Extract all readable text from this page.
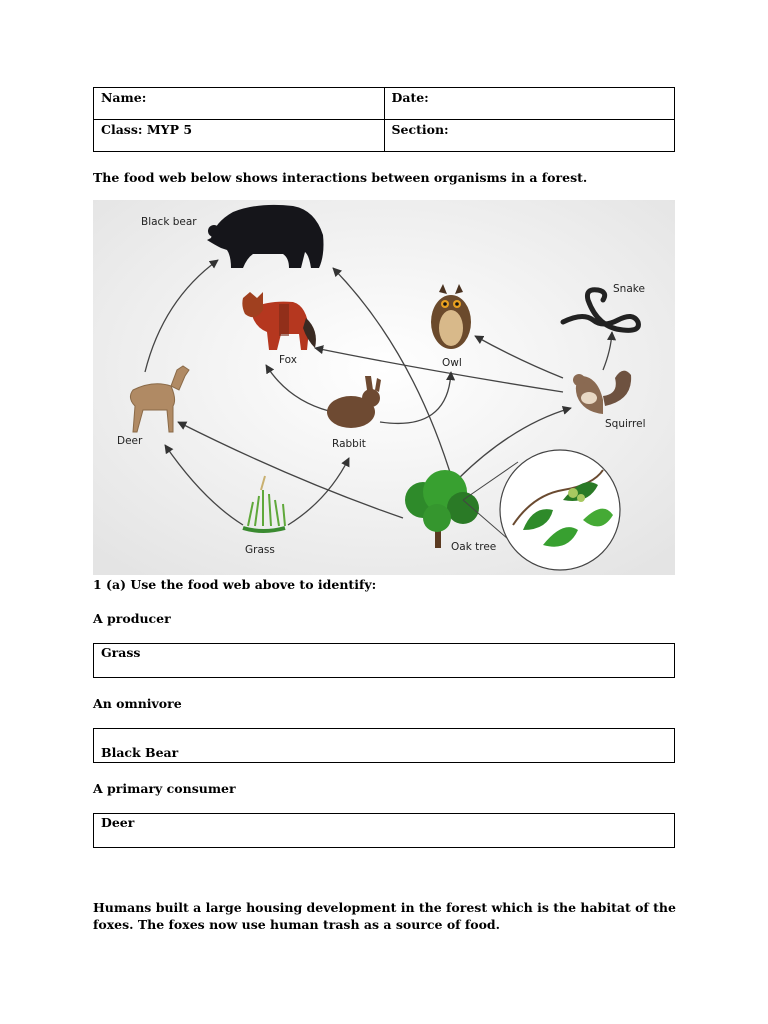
Name:	Date:
Class: MYP 5	Section:

The food web below shows interactions between organisms in a forest.

Black bear
Fox	Owl
Snake
Deer	Rabbit
Squirrel
Grass	Oak tree

1 (a) Use the food web above to identify:

A producer

Grass

An omnivore

Black Bear

A primary consumer

Deer

Humans built a large housing development in the forest which is the habitat of the

foxes. The foxes now use human trash as a source of food.
